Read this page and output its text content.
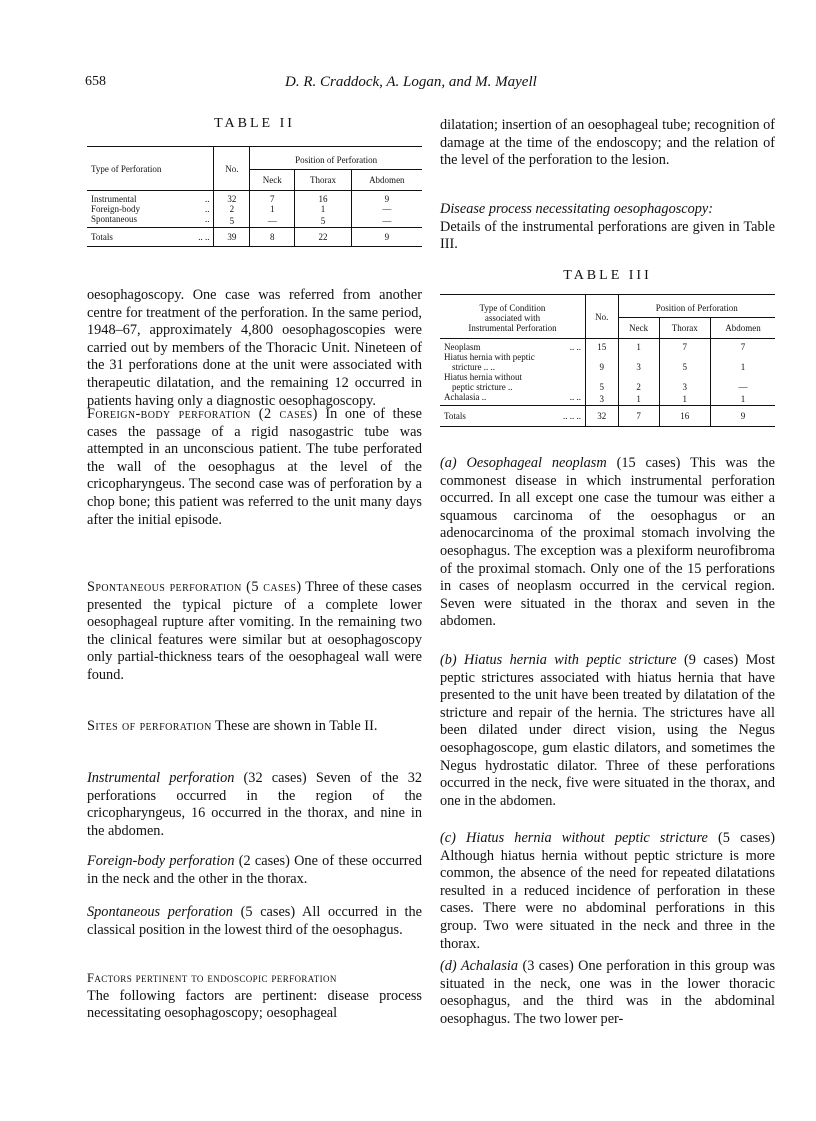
658	D. R. Craddock, A. Logan, and M. Mayell
TABLE II
Type of Perforation	No.	Position of Perforation		
		Neck	Thorax	Abdomen
Instrumental ..	32	7	16	9
Foreign-body ..	2	1	1	—
Spontaneous ..	5	—	5	—
Totals .. ..	39	8	22	9
oesophagoscopy. One case was referred from another centre for treatment of the perforation. In the same period, 1948–67, approximately 4,800 oesophagoscopies were carried out by members of the Thoracic Unit. Nineteen of the 31 perforations done at the unit were associated with therapeutic dilatation, and the remaining 12 occurred in patients having only a diagnostic oesophagoscopy.
Foreign-body perforation (2 cases) In one of these cases the passage of a rigid nasogastric tube was attempted in an unconscious patient. The tube perforated the wall of the oesophagus at the level of the cricopharyngeus. The second case was of perforation by a chop bone; this patient was referred to the unit many days after the initial episode.
Spontaneous perforation (5 cases) Three of these cases presented the typical picture of a complete lower oesophageal rupture after vomiting. In the remaining two the clinical features were similar but at oesophagoscopy only partial-thickness tears of the oesophageal wall were found.
Sites of perforation These are shown in Table II.
Instrumental perforation (32 cases) Seven of the 32 perforations occurred in the region of the cricopharyngeus, 16 occurred in the thorax, and nine in the abdomen.
Foreign-body perforation (2 cases) One of these occurred in the neck and the other in the thorax.
Spontaneous perforation (5 cases) All occurred in the classical position in the lowest third of the oesophagus.
Factors pertinent to endoscopic perforation
The following factors are pertinent: disease process necessitating oesophagoscopy; oesophageal
dilatation; insertion of an oesophageal tube; recognition of damage at the time of the endoscopy; and the relation of the level of the perforation to the lesion.
Disease process necessitating oesophagoscopy:
Details of the instrumental perforations are given in Table III.
TABLE III
Type of Condition
associated with
Instrumental Perforation	No.	Position of Perforation		
		Neck	Thorax	Abdomen
Neoplasm .. ..	15	1	7	7
Hiatus hernia with peptic
stricture .. ..	9	3	5	1
Hiatus hernia without
peptic stricture ..	5	2	3	—
Achalasia .. .. ..	3	1	1	1
Totals .. .. ..	32	7	16	9
(a) Oesophageal neoplasm (15 cases) This was the commonest disease in which instrumental perforation occurred. In all except one case the tumour was either a squamous carcinoma of the oesophagus or an adenocarcinoma of the proximal stomach involving the oesophagus. The exception was a plexiform neurofibroma of the proximal stomach. Only one of the 15 perforations in cases of neoplasm occurred in the cervical region. Seven were situated in the thorax and seven in the abdomen.
(b) Hiatus hernia with peptic stricture (9 cases) Most peptic strictures associated with hiatus hernia that have presented to the unit have been treated by dilatation of the stricture and repair of the hernia. The strictures have all been dilated under direct vision, using the Negus oesophagoscope, gum elastic dilators, and sometimes the Negus hydrostatic dilator. Three of these perforations occurred in the neck, five were situated in the thorax, and one in the abdomen.
(c) Hiatus hernia without peptic stricture (5 cases) Although hiatus hernia without peptic stricture is more common, the absence of the need for repeated dilatations resulted in a reduced incidence of perforation in these cases. There were no abdominal perforations in this group. Two were situated in the neck and three in the thorax.
(d) Achalasia (3 cases) One perforation in this group was situated in the neck, one was in the lower thoracic oesophagus, and the third was in the abdominal oesophagus. The two lower per-
